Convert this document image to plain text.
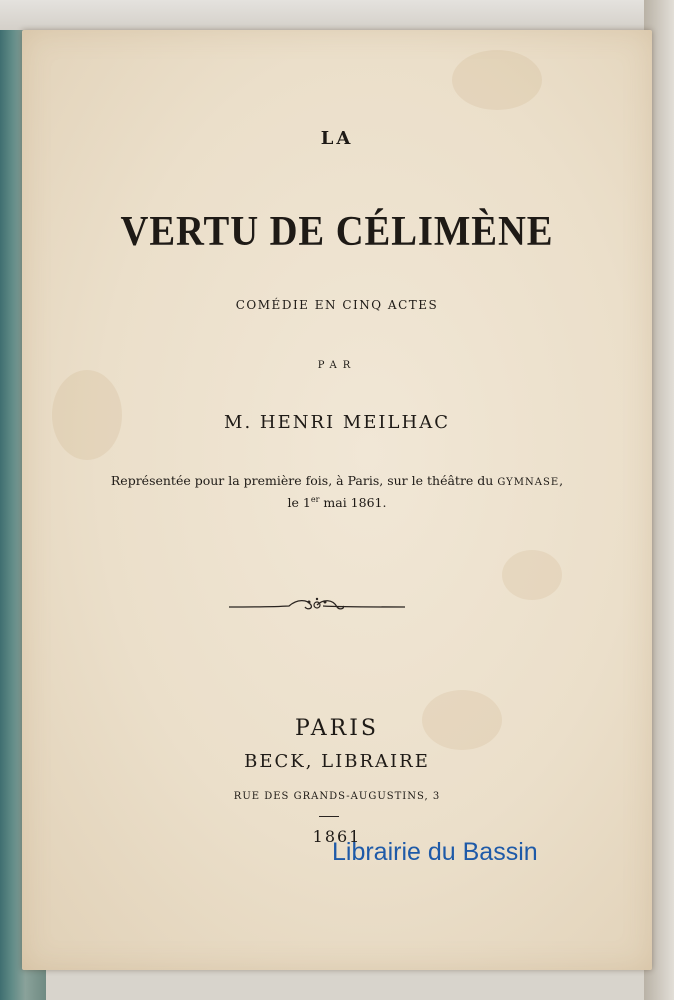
LA
VERTU DE CÉLIMÈNE
COMÉDIE EN CINQ ACTES
PAR
M. HENRI MEILHAC
Représentée pour la première fois, à Paris, sur le théâtre du GYMNASE,
le 1er mai 1861.
PARIS
BECK, LIBRAIRE
RUE DES GRANDS-AUGUSTINS, 3
1861
Librairie du Bassin
